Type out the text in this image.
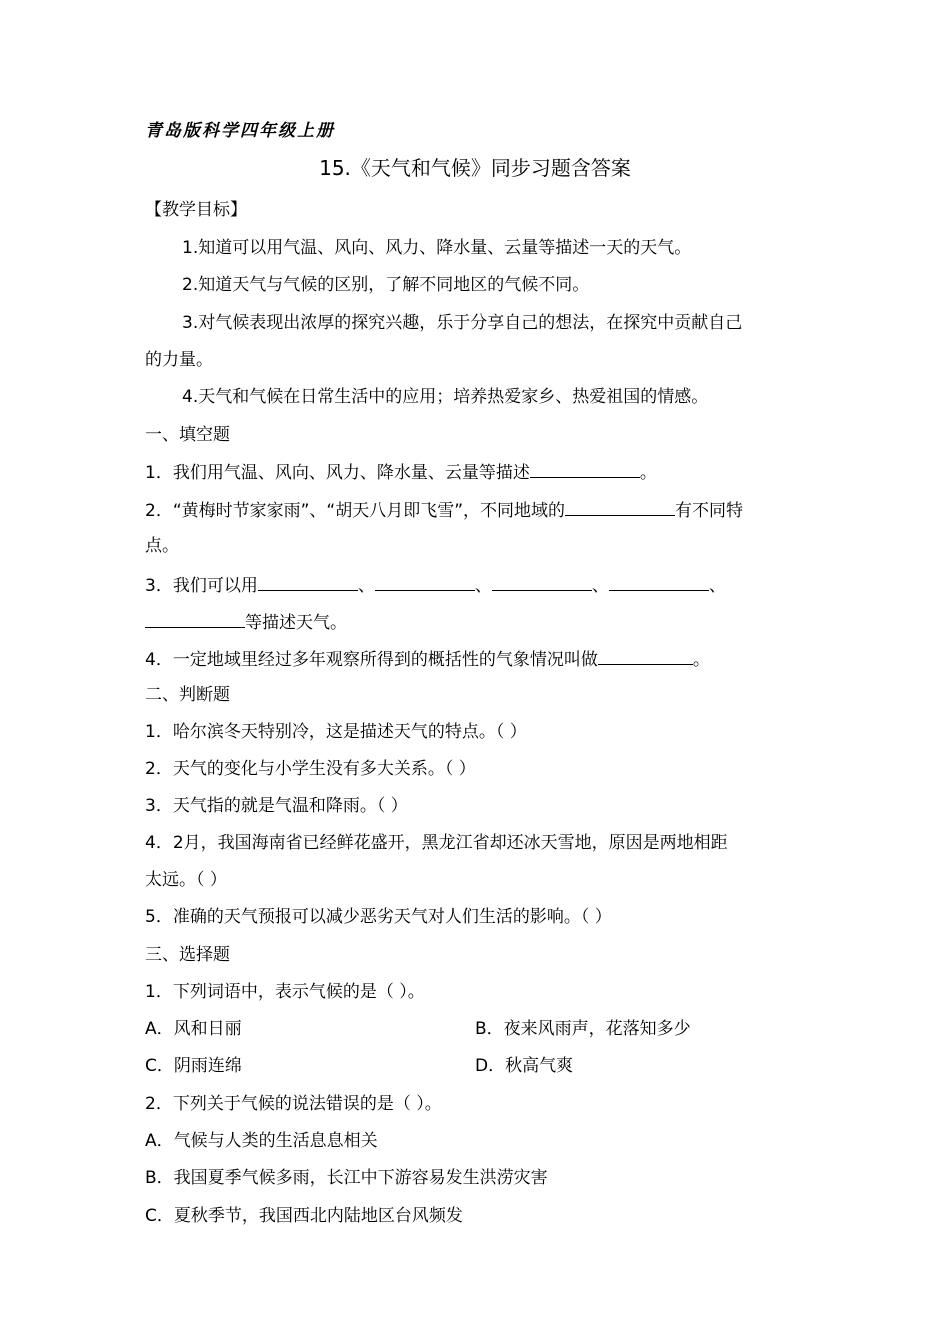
青岛版科学四年级上册
15.《天气和气候》同步习题含答案
【教学目标】
1.知道可以用气温、风向、风力、降水量、云量等描述一天的天气。
2.知道天气与气候的区别，了解不同地区的气候不同。
3.对气候表现出浓厚的探究兴趣，乐于分享自己的想法，在探究中贡献自己
的力量。
4.天气和气候在日常生活中的应用；培养热爱家乡、热爱祖国的情感。
一、填空题
1．我们用气温、风向、风力、降水量、云量等描述	。
2．“黄梅时节家家雨”、“胡天八月即飞雪”，不同地域的	有不同特
点。
3．我们可以用	、	、	、	、
等描述天气。
4．一定地域里经过多年观察所得到的概括性的气象情况叫做	。
二、判断题
1．哈尔滨冬天特别冷，这是描述天气的特点。（ ）
2．天气的变化与小学生没有多大关系。（ ）
3．天气指的就是气温和降雨。（ ）
4．2月，我国海南省已经鲜花盛开，黑龙江省却还冰天雪地，原因是两地相距
太远。（ ）
5．准确的天气预报可以减少恶劣天气对人们生活的影响。（ ）
三、选择题
1．下列词语中，表示气候的是（ ）。
A．风和日丽	B．夜来风雨声，花落知多少
C．阴雨连绵	D．秋高气爽
2．下列关于气候的说法错误的是（ ）。
A．气候与人类的生活息息相关
B．我国夏季气候多雨，长江中下游容易发生洪涝灾害
C．夏秋季节，我国西北内陆地区台风频发
